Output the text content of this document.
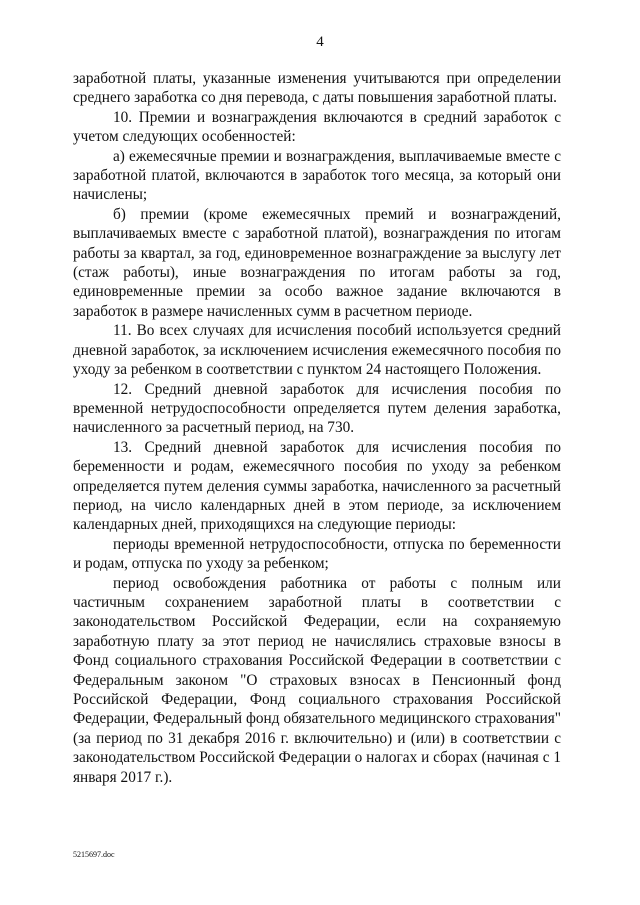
4

заработной платы, указанные изменения учитываются при определении среднего заработка со дня перевода, с даты повышения заработной платы.

10. Премии и вознаграждения включаются в средний заработок с учетом следующих особенностей:

а) ежемесячные премии и вознаграждения, выплачиваемые вместе с заработной платой, включаются в заработок того месяца, за который они начислены;

б) премии (кроме ежемесячных премий и вознаграждений, выплачиваемых вместе с заработной платой), вознаграждения по итогам работы за квартал, за год, единовременное вознаграждение за выслугу лет (стаж работы), иные вознаграждения по итогам работы за год, единовременные премии за особо важное задание включаются в заработок в размере начисленных сумм в расчетном периоде.

11. Во всех случаях для исчисления пособий используется средний дневной заработок, за исключением исчисления ежемесячного пособия по уходу за ребенком в соответствии с пунктом 24 настоящего Положения.

12. Средний дневной заработок для исчисления пособия по временной нетрудоспособности определяется путем деления заработка, начисленного за расчетный период, на 730.

13. Средний дневной заработок для исчисления пособия по беременности и родам, ежемесячного пособия по уходу за ребенком определяется путем деления суммы заработка, начисленного за расчетный период, на число календарных дней в этом периоде, за исключением календарных дней, приходящихся на следующие периоды:

периоды временной нетрудоспособности, отпуска по беременности и родам, отпуска по уходу за ребенком;

период освобождения работника от работы с полным или частичным сохранением заработной платы в соответствии с законодательством Российской Федерации, если на сохраняемую заработную плату за этот период не начислялись страховые взносы в Фонд социального страхования Российской Федерации в соответствии с Федеральным законом "О страховых взносах в Пенсионный фонд Российской Федерации, Фонд социального страхования Российской Федерации, Федеральный фонд обязательного медицинского страхования" (за период по 31 декабря 2016 г. включительно) и (или) в соответствии с законодательством Российской Федерации о налогах и сборах (начиная с 1 января 2017 г.).

5215697.doc
